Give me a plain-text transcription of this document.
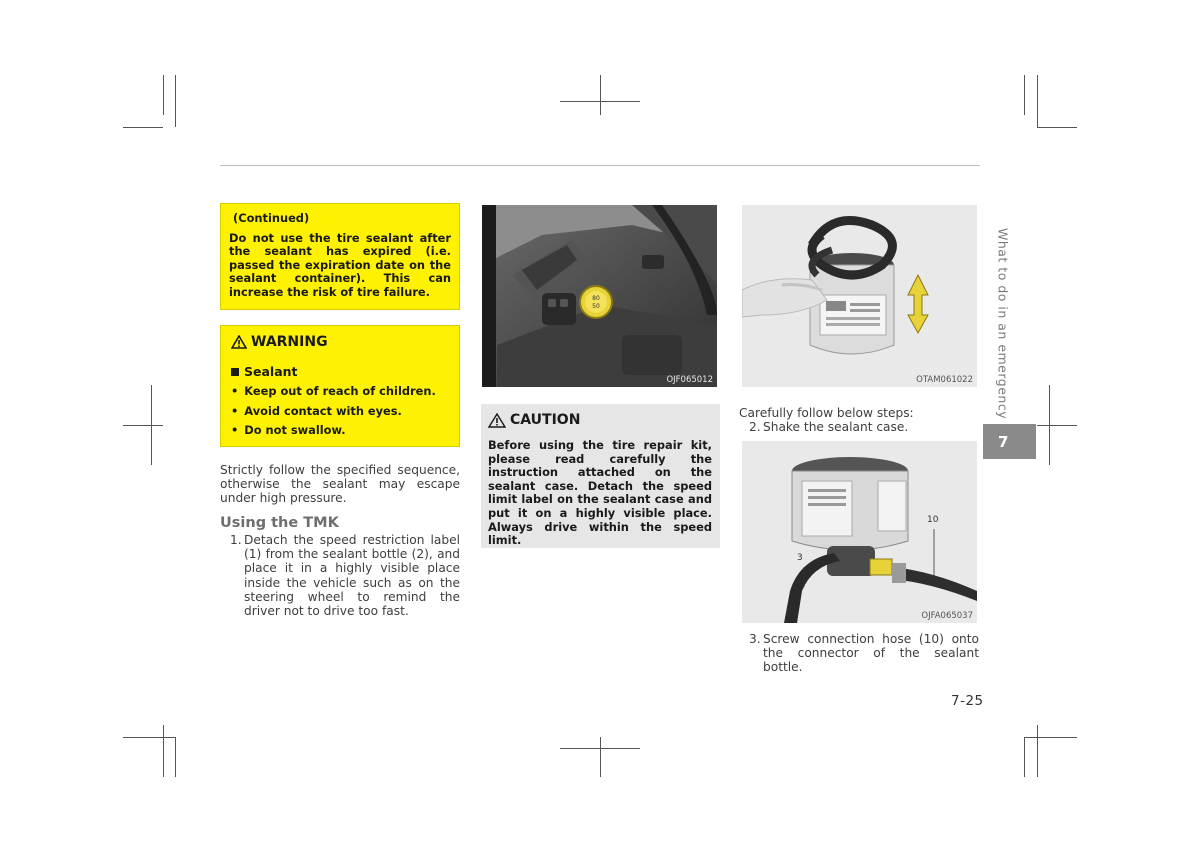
(Continued)
Do not use the tire sealant after the sealant has expired (i.e. passed the expiration date on the sealant container). This can increase the risk of tire failure.
WARNING
Sealant
• Keep out of reach of children.
• Avoid contact with eyes.
• Do not swallow.
Strictly follow the specified sequence, otherwise the sealant may escape under high pressure.
Using the TMK
1. Detach the speed restriction label (1) from the sealant bottle (2), and place it in a highly visible place inside the vehicle such as on the steering wheel to remind the driver not to drive too fast.
80
50
OJF065012
CAUTION
Before using the tire repair kit, please read carefully the instruction attached on the sealant case. Detach the speed limit label on the sealant case and put it on a highly visible place. Always drive within the speed limit.
OTAM061022
Carefully follow below steps:
2. Shake the sealant case.
10
3
OJFA065037
3. Screw connection hose (10) onto the connector of the sealant bottle.
What to do in an emergency
7
7-25
